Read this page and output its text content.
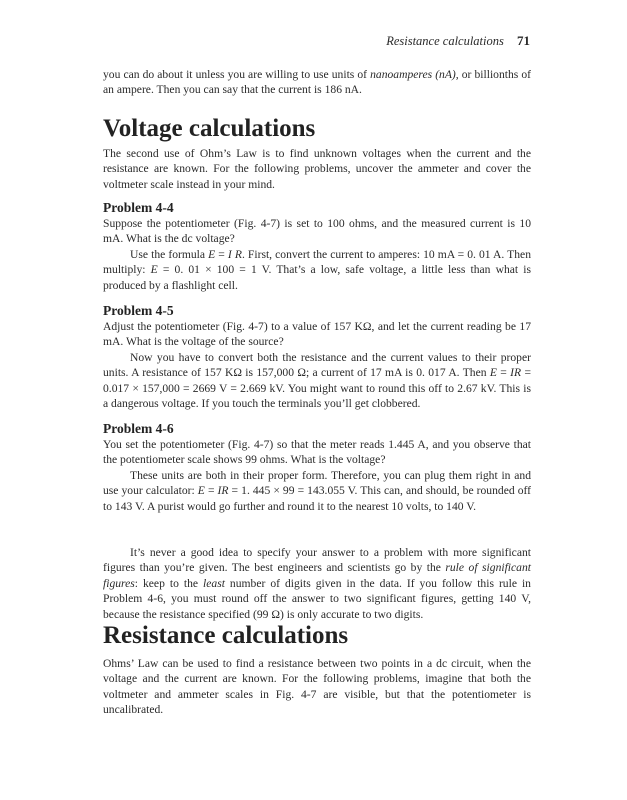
Resistance calculations 71

you can do about it unless you are willing to use units of nanoamperes (nA), or billionths of an ampere. Then you can say that the current is 186 nA.

Voltage calculations

The second use of Ohm’s Law is to find unknown voltages when the current and the resistance are known. For the following problems, uncover the ammeter and cover the voltmeter scale instead in your mind.

Problem 4-4

Suppose the potentiometer (Fig. 4-7) is set to 100 ohms, and the measured current is 10 mA. What is the dc voltage?

Use the formula E = I R. First, convert the current to amperes: 10 mA = 0. 01 A. Then multiply: E = 0. 01 × 100 = 1 V. That’s a low, safe voltage, a little less than what is produced by a flashlight cell.

Problem 4-5

Adjust the potentiometer (Fig. 4-7) to a value of 157 KΩ, and let the current reading be 17 mA. What is the voltage of the source?

Now you have to convert both the resistance and the current values to their proper units. A resistance of 157 KΩ is 157,000 Ω; a current of 17 mA is 0. 017 A. Then E = IR = 0.017 × 157,000 = 2669 V = 2.669 kV. You might want to round this off to 2.67 kV. This is a dangerous voltage. If you touch the terminals you’ll get clobbered.

Problem 4-6

You set the potentiometer (Fig. 4-7) so that the meter reads 1.445 A, and you observe that the potentiometer scale shows 99 ohms. What is the voltage?

These units are both in their proper form. Therefore, you can plug them right in and use your calculator: E = IR = 1. 445 × 99 = 143.055 V. This can, and should, be rounded off to 143 V. A purist would go further and round it to the nearest 10 volts, to 140 V.

It’s never a good idea to specify your answer to a problem with more significant figures than you’re given. The best engineers and scientists go by the rule of significant figures: keep to the least number of digits given in the data. If you follow this rule in Problem 4-6, you must round off the answer to two significant figures, getting 140 V, because the resistance specified (99 Ω) is only accurate to two digits.

Resistance calculations

Ohms’ Law can be used to find a resistance between two points in a dc circuit, when the voltage and the current are known. For the following problems, imagine that both the voltmeter and ammeter scales in Fig. 4-7 are visible, but that the potentiometer is uncalibrated.
